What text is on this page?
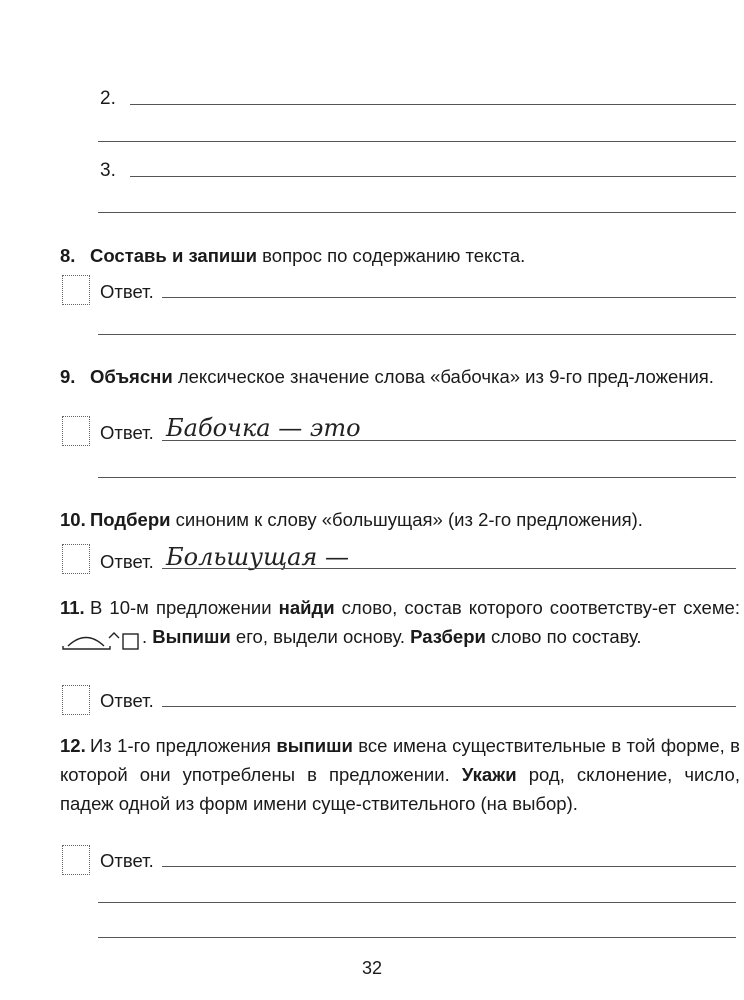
2.
3.
8. Составь и запиши вопрос по содержанию текста.
Ответ.
9. Объясни лексическое значение слова «бабочка» из 9-го пред-ложения.
Ответ. Бабочка — это
10. Подбери синоним к слову «большущая» (из 2-го предложения).
Ответ. Большущая —
11. В 10-м предложении найди слово, состав которого соответству-ет схеме: . Выпиши его, выдели основу. Разбери слово по составу.
Ответ.
12. Из 1-го предложения выпиши все имена существительные в той форме, в которой они употреблены в предложении. Укажи род, склонение, число, падеж одной из форм имени суще-ствительного (на выбор).
Ответ.
32
